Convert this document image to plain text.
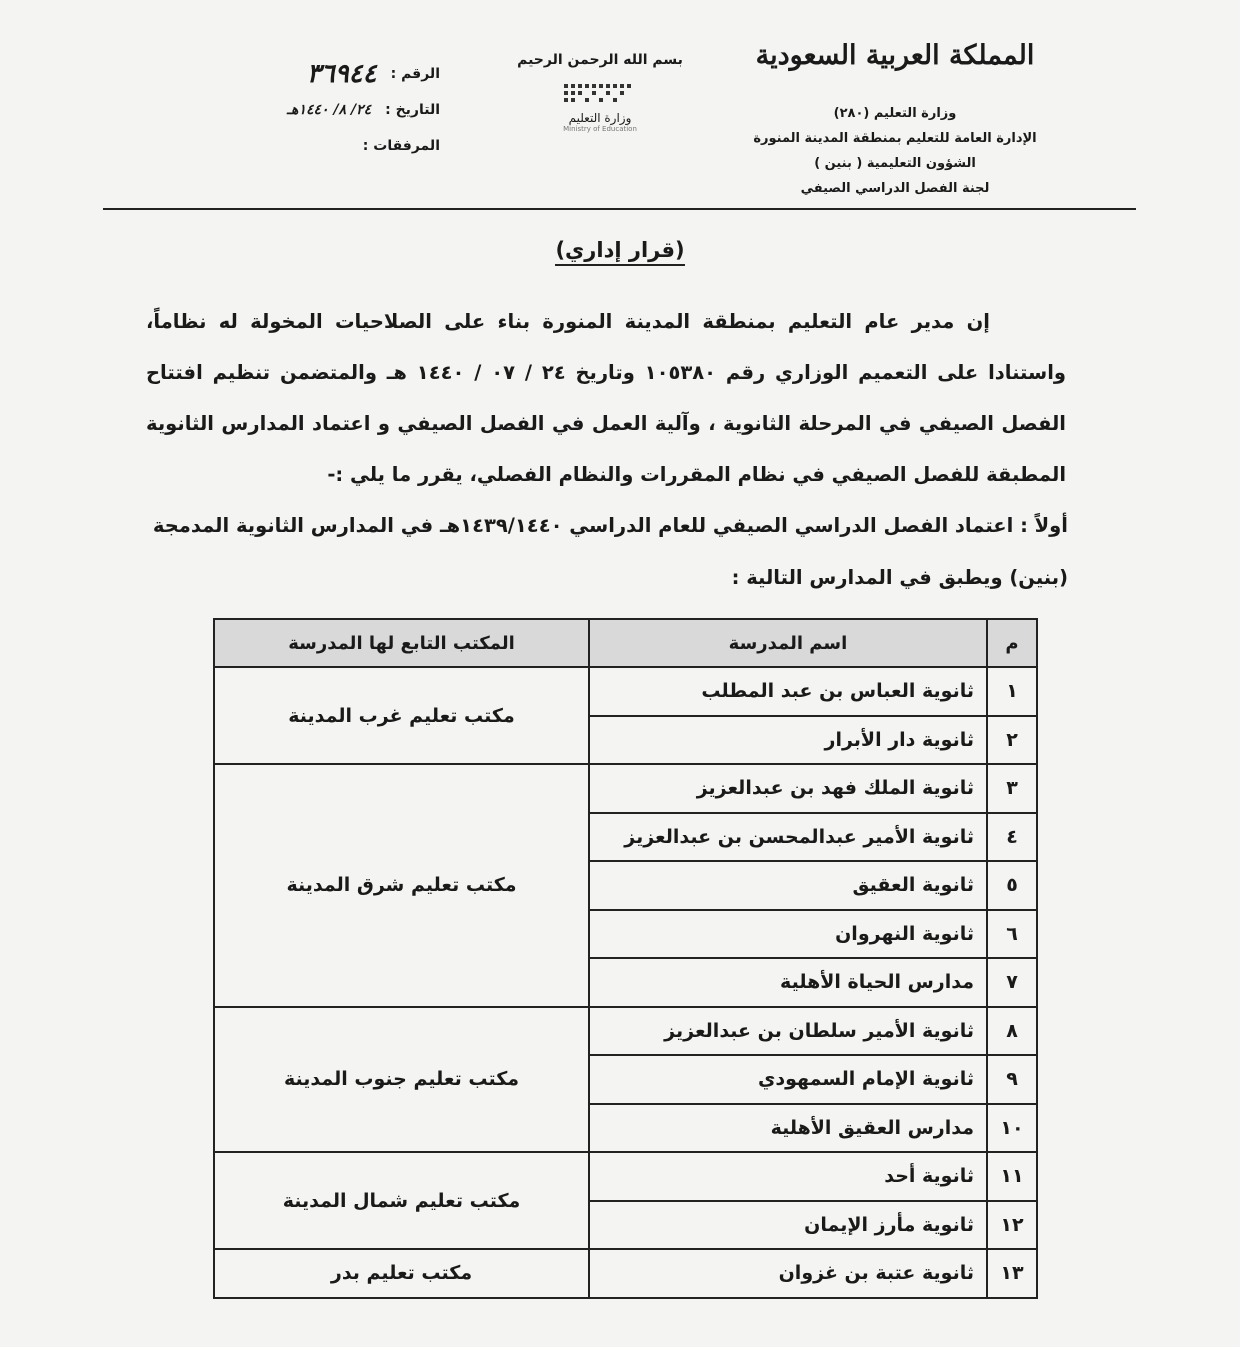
المملكة العربية السعودية
وزارة التعليم (٢٨٠)
الإدارة العامة للتعليم بمنطقة المدينة المنورة
الشؤون التعليمية ( بنين )
لجنة الفصل الدراسي الصيفي
بسم الله الرحمن الرحيم
وزارة التعليم
Ministry of Education
الرقم :
٣٦٩٤٤
التاريخ :
٢٤/ ٨/ ١٤٤٠هـ
المرفقات :
(قرار إداري)

إن مدير عام التعليم بمنطقة المدينة المنورة بناء على الصلاحيات المخولة له نظاماً، واستنادا على التعميم الوزاري رقم ١٠٥٣٨٠ وتاريخ ٢٤ / ٠٧ / ١٤٤٠ هـ والمتضمن تنظيم افتتاح الفصل الصيفي في المرحلة الثانوية ، وآلية العمل في الفصل الصيفي و اعتماد المدارس الثانوية المطبقة للفصل الصيفي في نظام المقررات والنظام الفصلي، يقرر ما يلي :-

أولاً : اعتماد الفصل الدراسي الصيفي للعام الدراسي ١٤٣٩/١٤٤٠هـ في المدارس الثانوية المدمجة (بنين) ويطبق في المدارس التالية :
م	اسم المدرسة	المكتب التابع لها المدرسة
١	ثانوية العباس بن عبد المطلب	مكتب تعليم غرب المدينة
٢	ثانوية دار الأبرار	
٣	ثانوية الملك فهد بن عبدالعزيز	مكتب تعليم شرق المدينة
٤	ثانوية الأمير عبدالمحسن بن عبدالعزيز	
٥	ثانوية العقيق	
٦	ثانوية النهروان	
٧	مدارس الحياة الأهلية	
٨	ثانوية الأمير سلطان بن عبدالعزيز	مكتب تعليم جنوب المدينة
٩	ثانوية الإمام السمهودي	
١٠	مدارس العقيق الأهلية	
١١	ثانوية أحد	مكتب تعليم شمال المدينة
١٢	ثانوية مأرز الإيمان	
١٣	ثانوية عتبة بن غزوان	مكتب تعليم بدر
